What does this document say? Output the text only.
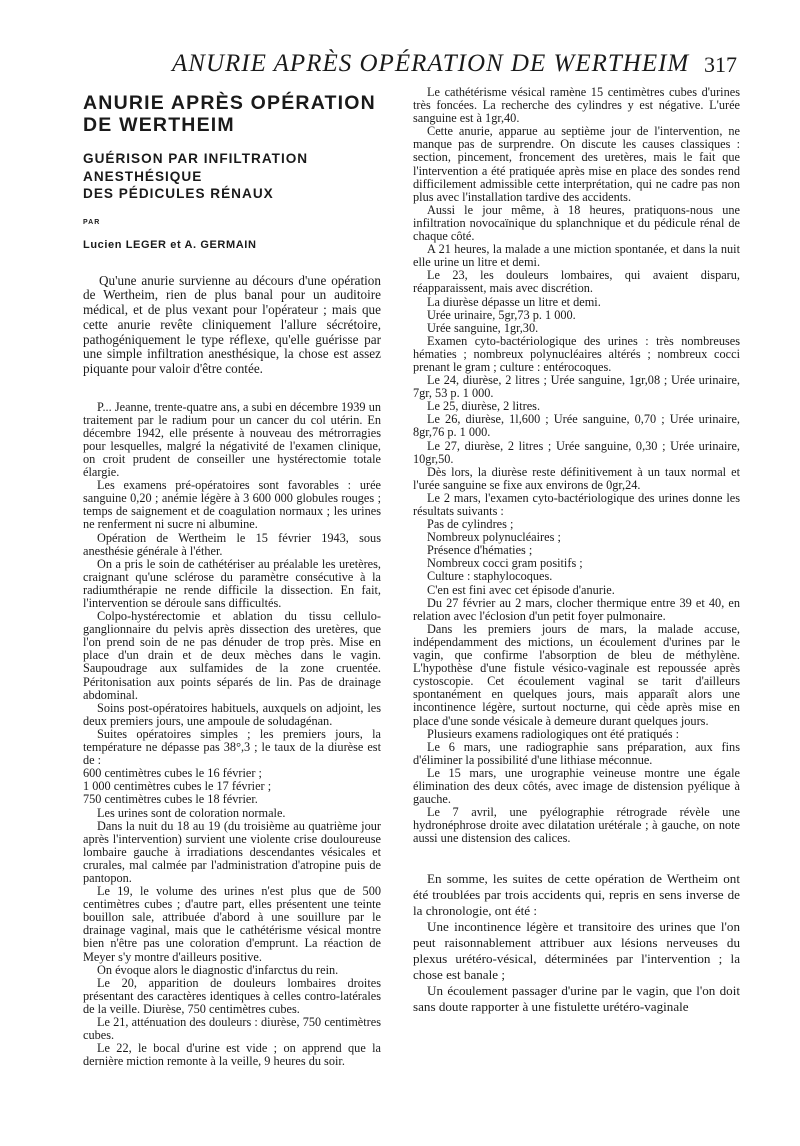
ANURIE APRÈS OPÉRATION DE WERTHEIM 317

ANURIE APRÈS OPÉRATION

DE WERTHEIM

GUÉRISON PAR INFILTRATION

ANESTHÉSIQUE

DES PÉDICULES RÉNAUX

PAR

Lucien LEGER et A. GERMAIN

Qu'une anurie survienne au décours d'une opération de Wertheim, rien de plus banal pour un auditoire médical, et de plus vexant pour l'opérateur ; mais que cette anurie revête cliniquement l'allure sécrétoire, pathogéniquement le type réflexe, qu'elle guérisse par une simple infiltration anesthésique, la chose est assez piquante pour valoir d'être contée.

P... Jeanne, trente-quatre ans, a subi en décembre 1939 un traitement par le radium pour un cancer du col utérin. En décembre 1942, elle présente à nouveau des métrorragies pour lesquelles, malgré la négativité de l'examen clinique, on croit prudent de conseiller une hystérectomie totale élargie.

Les examens pré-opératoires sont favorables : urée sanguine 0,20 ; anémie légère à 3 600 000 globules rouges ; temps de saignement et de coagulation normaux ; les urines ne renferment ni sucre ni albumine.

Opération de Wertheim le 15 février 1943, sous anesthésie générale à l'éther.

On a pris le soin de cathétériser au préalable les uretères, craignant qu'une sclérose du paramètre consécutive à la radiumthérapie ne rende difficile la dissection. En fait, l'intervention se déroule sans difficultés.

Colpo-hystérectomie et ablation du tissu cellulo-ganglionnaire du pelvis après dissection des uretères, que l'on prend soin de ne pas dénuder de trop près. Mise en place d'un drain et de deux mèches dans le vagin. Saupoudrage aux sulfamides de la zone cruentée. Péritonisation aux points séparés de lin. Pas de drainage abdominal.

Soins post-opératoires habituels, auxquels on adjoint, les deux premiers jours, une ampoule de soludagénan.

Suites opératoires simples ; les premiers jours, la température ne dépasse pas 38°,3 ; le taux de la diurèse est de :

600 centimètres cubes le 16 février ;

1 000 centimètres cubes le 17 février ;

750 centimètres cubes le 18 février.

Les urines sont de coloration normale.

Dans la nuit du 18 au 19 (du troisième au quatrième jour après l'intervention) survient une violente crise douloureuse lombaire gauche à irradiations descendantes vésicales et crurales, mal calmée par l'administration d'atropine puis de pantopon.

Le 19, le volume des urines n'est plus que de 500 centimètres cubes ; d'autre part, elles présentent une teinte bouillon sale, attribuée d'abord à une souillure par le drainage vaginal, mais que le cathétérisme vésical montre bien n'être pas une coloration d'emprunt. La réaction de Meyer s'y montre d'ailleurs positive.

On évoque alors le diagnostic d'infarctus du rein.

Le 20, apparition de douleurs lombaires droites présentant des caractères identiques à celles contro-latérales de la veille. Diurèse, 750 centimètres cubes.

Le 21, atténuation des douleurs : diurèse, 750 centimètres cubes.

Le 22, le bocal d'urine est vide ; on apprend que la dernière miction remonte à la veille, 9 heures du soir.

Le cathétérisme vésical ramène 15 centimètres cubes d'urines très foncées. La recherche des cylindres y est négative. L'urée sanguine est à 1gr,40.

Cette anurie, apparue au septième jour de l'intervention, ne manque pas de surprendre. On discute les causes classiques : section, pincement, froncement des uretères, mais le fait que l'intervention a été pratiquée après mise en place des sondes rend difficilement admissible cette interprétation, qui ne cadre pas non plus avec l'installation tardive des accidents.

Aussi le jour même, à 18 heures, pratiquons-nous une infiltration novocaïnique du splanchnique et du pédicule rénal de chaque côté.

A 21 heures, la malade a une miction spontanée, et dans la nuit elle urine un litre et demi.

Le 23, les douleurs lombaires, qui avaient disparu, réapparaissent, mais avec discrétion.

La diurèse dépasse un litre et demi.

Urée urinaire, 5gr,73 p. 1 000.

Urée sanguine, 1gr,30.

Examen cyto-bactériologique des urines : très nombreuses hématies ; nombreux polynucléaires altérés ; nombreux cocci prenant le gram ; culture : entérocoques.

Le 24, diurèse, 2 litres ; Urée sanguine, 1gr,08 ; Urée urinaire, 7gr, 53 p. 1 000.

Le 25, diurèse, 2 litres.

Le 26, diurèse, 1l,600 ; Urée sanguine, 0,70 ; Urée urinaire, 8gr,76 p. 1 000.

Le 27, diurèse, 2 litres ; Urée sanguine, 0,30 ; Urée urinaire, 10gr,50.

Dès lors, la diurèse reste définitivement à un taux normal et l'urée sanguine se fixe aux environs de 0gr,24.

Le 2 mars, l'examen cyto-bactériologique des urines donne les résultats suivants :

Pas de cylindres ;

Nombreux polynucléaires ;

Présence d'hématies ;

Nombreux cocci gram positifs ;

Culture : staphylocoques.

C'en est fini avec cet épisode d'anurie.

Du 27 février au 2 mars, clocher thermique entre 39 et 40, en relation avec l'éclosion d'un petit foyer pulmonaire.

Dans les premiers jours de mars, la malade accuse, indépendamment des mictions, un écoulement d'urines par le vagin, que confirme l'absorption de bleu de méthylène. L'hypothèse d'une fistule vésico-vaginale est repoussée après cystoscopie. Cet écoulement vaginal se tarit d'ailleurs spontanément en quelques jours, mais apparaît alors une incontinence légère, surtout nocturne, qui cède après mise en place d'une sonde vésicale à demeure durant quelques jours.

Plusieurs examens radiologiques ont été pratiqués :

Le 6 mars, une radiographie sans préparation, aux fins d'éliminer la possibilité d'une lithiase méconnue.

Le 15 mars, une urographie veineuse montre une égale élimination des deux côtés, avec image de distension pyélique à gauche.

Le 7 avril, une pyélographie rétrograde révèle une hydronéphrose droite avec dilatation urétérale ; à gauche, on note aussi une distension des calices.

En somme, les suites de cette opération de Wertheim ont été troublées par trois accidents qui, repris en sens inverse de la chronologie, ont été :

Une incontinence légère et transitoire des urines que l'on peut raisonnablement attribuer aux lésions nerveuses du plexus urétéro-vésical, déterminées par l'intervention ; la chose est banale ;

Un écoulement passager d'urine par le vagin, que l'on doit sans doute rapporter à une fistulette urétéro-vaginale
